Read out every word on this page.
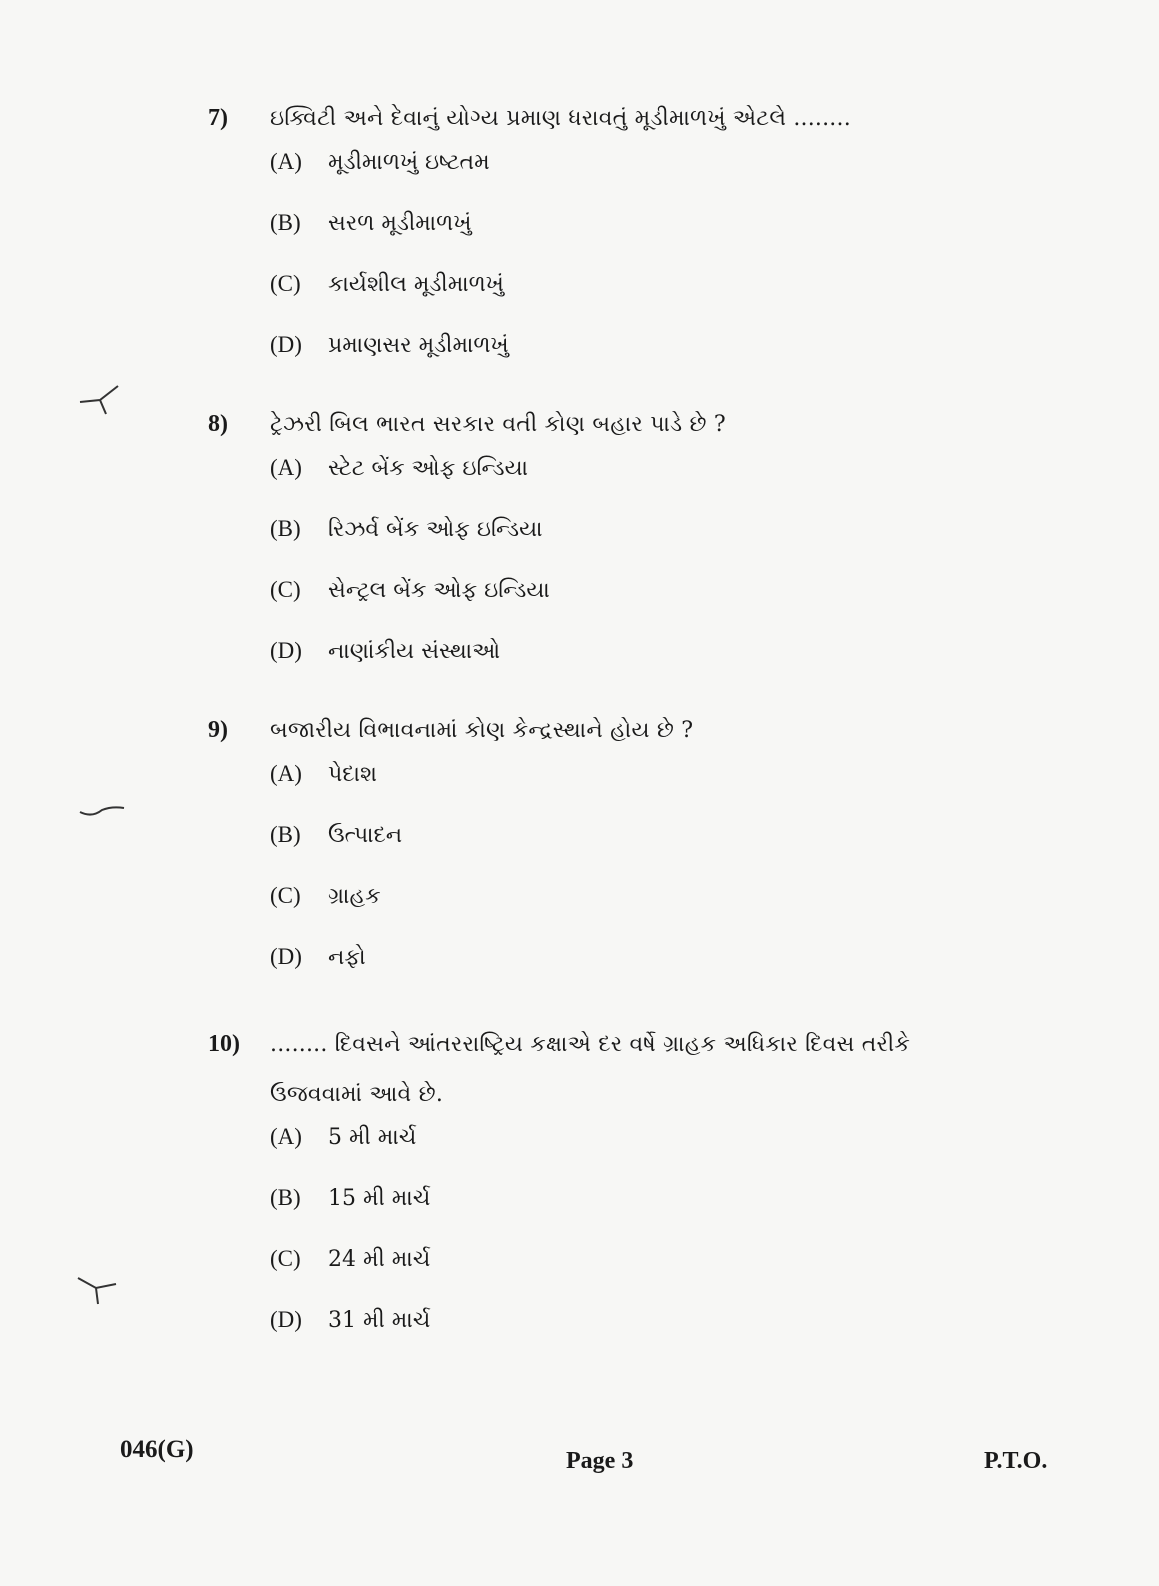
7)	ઇક્વિટી અને દેવાનું યોગ્ય પ્રમાણ ધરાવતું મૂડીમાળખું એટલે ........
(A)	મૂડીમાળખું ઇષ્ટતમ
(B)	સરળ મૂડીમાળખું
(C)	કાર્યશીલ મૂડીમાળખું
(D)	પ્રમાણસર મૂડીમાળખું
8)	ટ્રેઝરી બિલ ભારત સરકાર વતી કોણ બહાર પાડે છે ?
(A)	સ્ટેટ બેંક ઓફ ઇન્ડિયા
(B)	રિઝર્વ બેંક ઓફ ઇન્ડિયા
(C)	સેન્ટ્રલ બેંક ઓફ ઇન્ડિયા
(D)	નાણાંકીય સંસ્થાઓ
9)	બજારીય વિભાવનામાં કોણ કેન્દ્રસ્થાને હોય છે ?
(A)	પેદાશ
(B)	ઉત્પાદન
(C)	ગ્રાહક
(D)	નફો
10)	........ દિવસને આંતરરાષ્ટ્રિય કક્ષાએ દર વર્ષે ગ્રાહક અધિકાર દિવસ તરીકે ઉજવવામાં આવે છે.
(A)	5 મી માર્ચ
(B)	15 મી માર્ચ
(C)	24 મી માર્ચ
(D)	31 મી માર્ચ
046(G)	Page 3	P.T.O.
